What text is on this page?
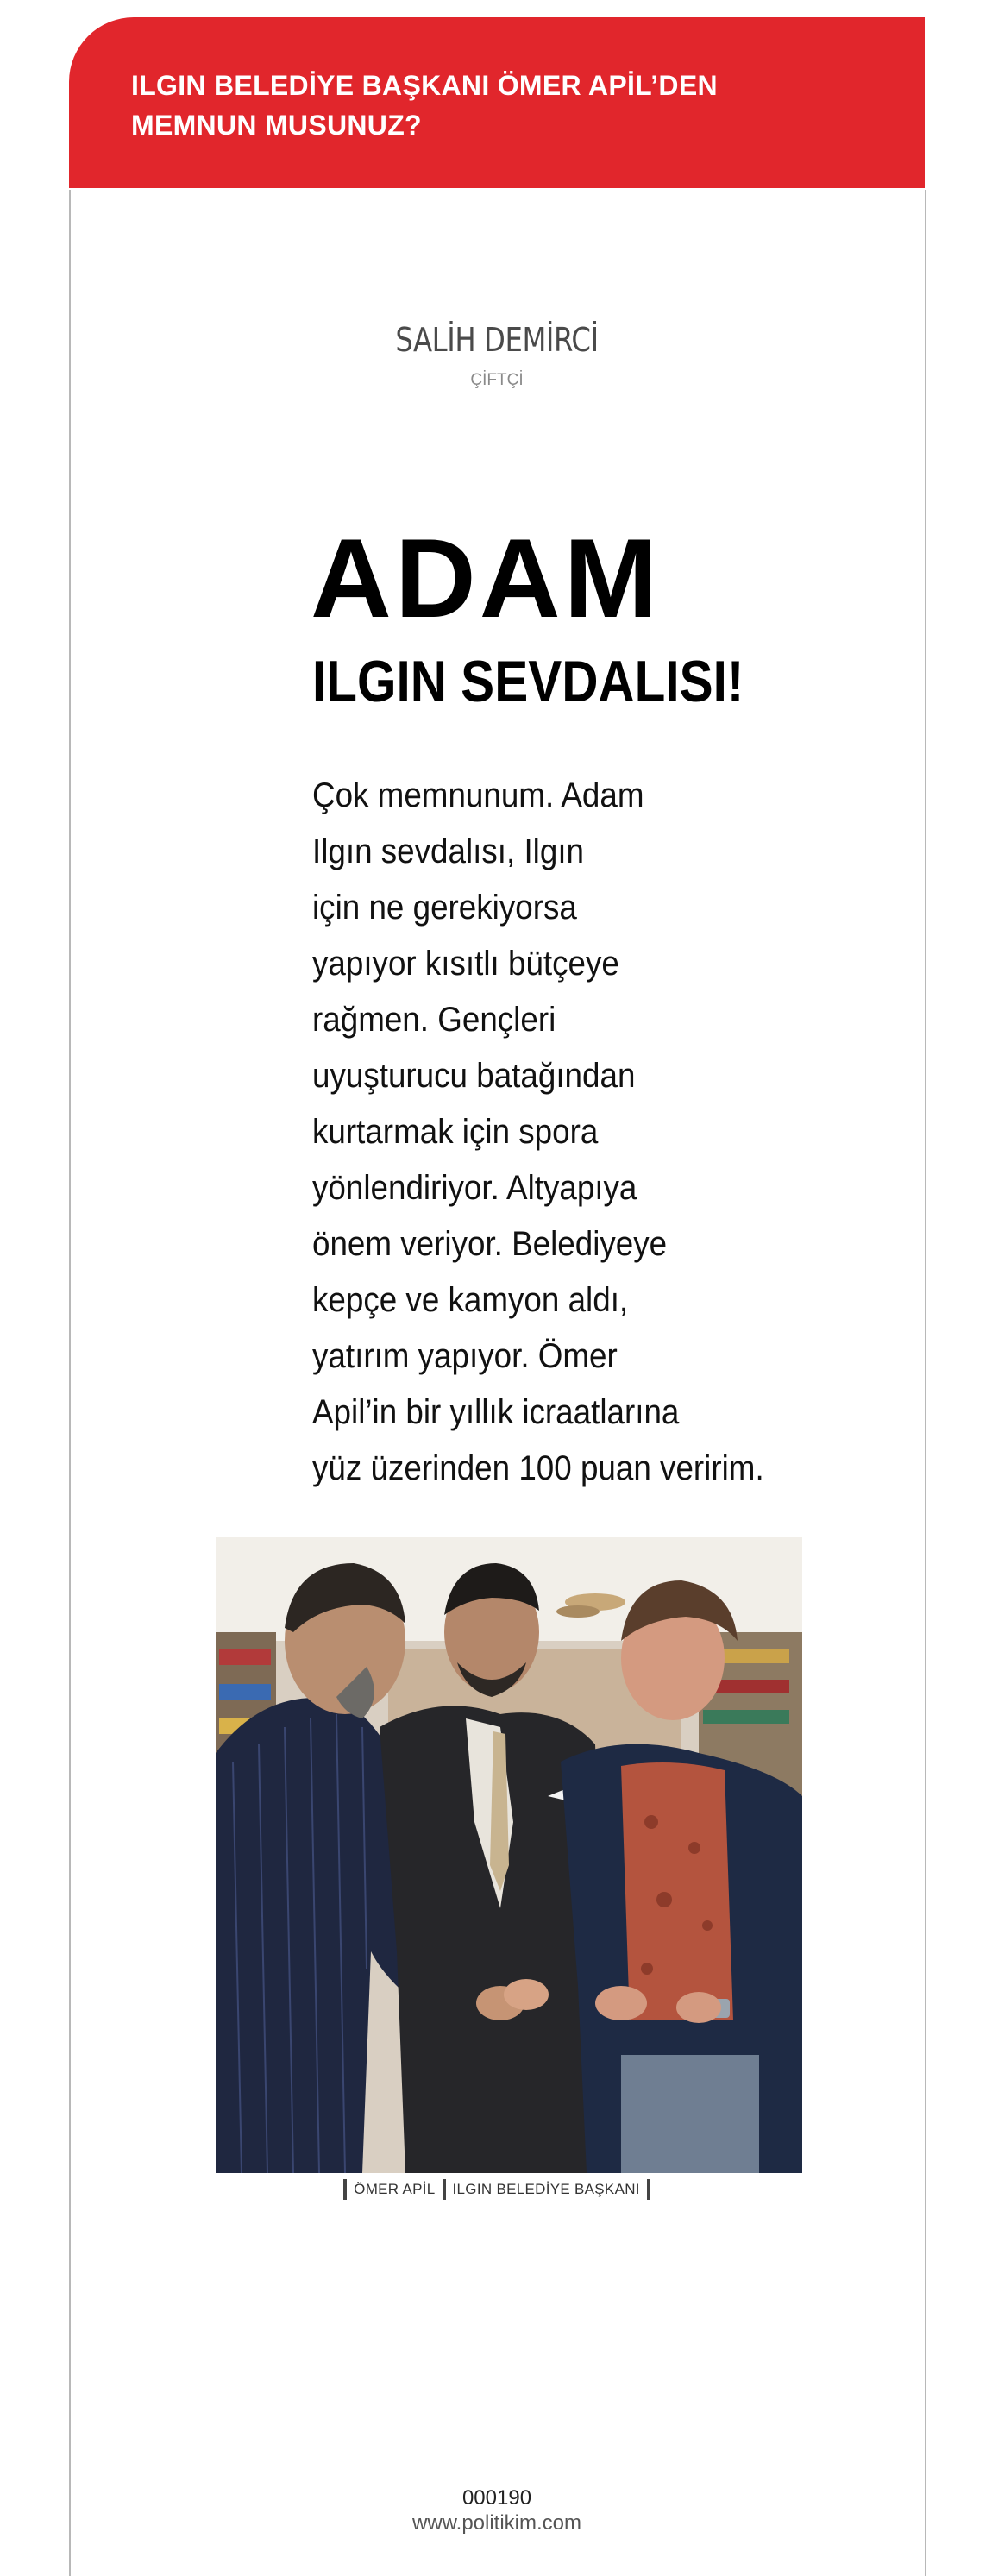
ILGIN BELEDİYE BAŞKANI ÖMER APİL’DEN
MEMNUN MUSUNUZ?
SALİH DEMİRCİ
ÇİFTÇİ
ADAM
ILGIN SEVDALISI!
Çok memnunum. Adam
Ilgın sevdalısı, Ilgın
için ne gerekiyorsa
yapıyor kısıtlı bütçeye
rağmen. Gençleri
uyuşturucu batağından
kurtarmak için spora
yönlendiriyor. Altyapıya
önem veriyor. Belediyeye
kepçe ve kamyon aldı,
yatırım yapıyor. Ömer
Apil’in bir yıllık icraatlarına
yüz üzerinden 100 puan veririm.
ÖMER APİL ILGIN BELEDİYE BAŞKANI
000190
www.politikim.com
